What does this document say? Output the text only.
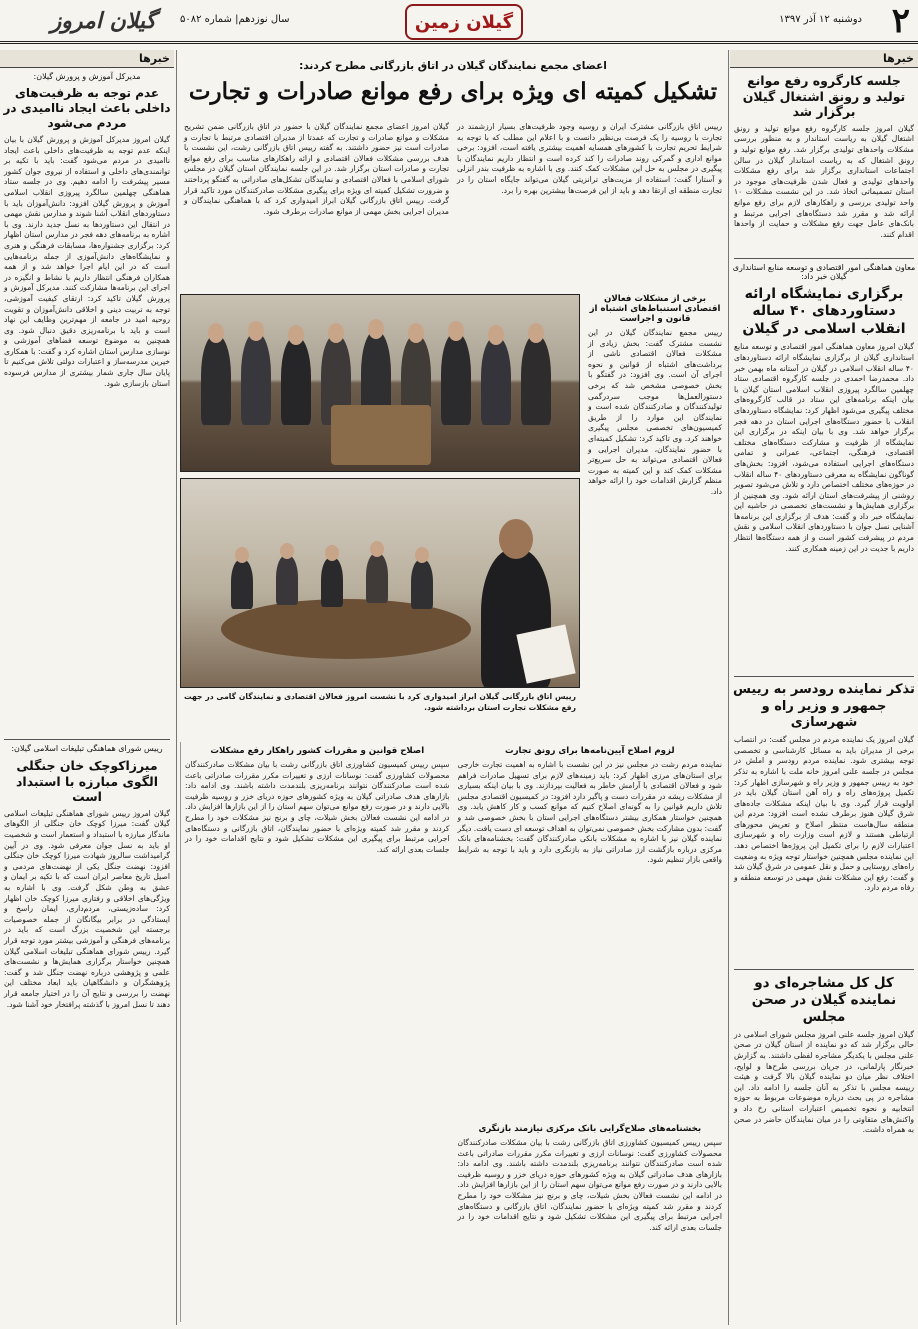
۲
دوشنبه ۱۲ آذر ۱۳۹۷
گیلان زمین
سال نوزدهم| شماره ۵۰۸۲
گیلان امروز
خبرها
جلسه کارگروه رفع موانع تولید و رونق اشتغال گیلان برگزار شد
گیلان امروز جلسه کارگروه رفع موانع تولید و رونق اشتغال گیلان به ریاست استاندار و به منظور بررسی مشکلات واحدهای تولیدی برگزار شد. رفع موانع تولید و رونق اشتغال که به ریاست استاندار گیلان در سالن اجتماعات استانداری برگزار شد برای رفع مشکلات واحدهای تولیدی و فعال شدن ظرفیت‌های موجود در استان تصمیماتی اتخاذ شد. در این نشست مشکلات ۱۰ واحد تولیدی بررسی و راهکارهای لازم برای رفع موانع ارائه شد و مقرر شد دستگاه‌های اجرایی مرتبط و بانک‌های عامل جهت رفع مشکلات و حمایت از واحدها اقدام کنند.
معاون هماهنگی امور اقتصادی و توسعه منابع استانداری گیلان خبر داد:
برگزاری نمایشگاه ارائه دستاوردهای ۴۰ ساله انقلاب اسلامی در گیلان
گیلان امروز معاون هماهنگی امور اقتصادی و توسعه منابع استانداری گیلان از برگزاری نمایشگاه ارائه دستاوردهای ۴۰ ساله انقلاب اسلامی در گیلان در آستانه ماه بهمن خبر داد. محمدرضا احمدی در جلسه کارگروه اقتصادی ستاد چهلمین سالگرد پیروزی انقلاب اسلامی استان گیلان با بیان اینکه برنامه‌های این ستاد در قالب کارگروه‌های مختلف پیگیری می‌شود اظهار کرد: نمایشگاه دستاوردهای انقلاب با حضور دستگاه‌های اجرایی استان در دهه فجر برگزار خواهد شد. وی با بیان اینکه در برگزاری این نمایشگاه از ظرفیت و مشارکت دستگاه‌های مختلف اقتصادی، فرهنگی، اجتماعی، عمرانی و تمامی دستگاه‌های اجرایی استفاده می‌شود، افزود: بخش‌های گوناگون نمایشگاه به معرفی دستاوردهای ۴۰ ساله انقلاب در حوزه‌های مختلف اختصاص دارد و تلاش می‌شود تصویر روشنی از پیشرفت‌های استان ارائه شود. وی همچنین از برگزاری همایش‌ها و نشست‌های تخصصی در حاشیه این نمایشگاه خبر داد و گفت: هدف از برگزاری این برنامه‌ها آشنایی نسل جوان با دستاوردهای انقلاب اسلامی و نقش مردم در پیشرفت کشور است و از همه دستگاه‌ها انتظار داریم با جدیت در این زمینه همکاری کنند.
تذکر نماینده رودسر به رییس جمهور و وزیر راه و شهرسازی
گیلان امروز یک نماینده مردم در مجلس گفت: در انتصاب برخی از مدیران باید به مسائل کارشناسی و تخصصی توجه بیشتری شود. نماینده مردم رودسر و املش در مجلس در جلسه علنی امروز خانه ملت با اشاره به تذکر خود به رییس جمهور و وزیر راه و شهرسازی اظهار کرد: تکمیل پروژه‌های راه و راه آهن استان گیلان باید در اولویت قرار گیرد. وی با بیان اینکه مشکلات جاده‌های شرق گیلان هنوز برطرف نشده است افزود: مردم این منطقه سال‌هاست منتظر اصلاح و تعریض محورهای ارتباطی هستند و لازم است وزارت راه و شهرسازی اعتبارات لازم را برای تکمیل این پروژه‌ها اختصاص دهد. این نماینده مجلس همچنین خواستار توجه ویژه به وضعیت راه‌های روستایی و حمل و نقل عمومی در شرق گیلان شد و گفت: رفع این مشکلات نقش مهمی در توسعه منطقه و رفاه مردم دارد.
کل کل مشاجره‌ای دو نماینده گیلان در صحن مجلس
گیلان امروز جلسه علنی امروز مجلس شورای اسلامی در حالی برگزار شد که دو نماینده از استان گیلان در صحن علنی مجلس با یکدیگر مشاجره لفظی داشتند. به گزارش خبرنگار پارلمانی، در جریان بررسی طرح‌ها و لوایح، اختلاف نظر میان دو نماینده گیلان بالا گرفت و هیئت رییسه مجلس با تذکر به آنان جلسه را ادامه داد. این مشاجره در پی بحث درباره موضوعات مربوط به حوزه انتخابیه و نحوه تخصیص اعتبارات استانی رخ داد و واکنش‌های متفاوتی را در میان نمایندگان حاضر در صحن به همراه داشت.
اعضای مجمع نمایندگان گیلان در اتاق بازرگانی مطرح کردند:
تشکیل کمیته ای ویژه برای رفع موانع صادرات و تجارت
گیلان امروز اعضای مجمع نمایندگان گیلان با حضور در اتاق بازرگانی ضمن تشریح مشکلات و موانع صادرات و تجارت که عمدتا از مدیران اقتصادی مرتبط با تجارت و صادرات است نیز حضور داشتند. به گفته رییس اتاق بازرگانی رشت، این نشست با هدف بررسی مشکلات فعالان اقتصادی و ارائه راهکارهای مناسب برای رفع موانع تجارت و صادرات استان برگزار شد. در این جلسه نمایندگان استان گیلان در مجلس شورای اسلامی با فعالان اقتصادی و نمایندگان تشکل‌های صادراتی به گفتگو پرداختند و ضرورت تشکیل کمیته ای ویژه برای پیگیری مشکلات صادرکنندگان مورد تاکید قرار گرفت. رییس اتاق بازرگانی گیلان ابراز امیدواری کرد که با هماهنگی نمایندگان و مدیران اجرایی بخش مهمی از موانع صادرات برطرف شود.
رییس اتاق بازرگانی مشترک ایران و روسیه وجود ظرفیت‌های بسیار ارزشمند در تجارت با روسیه را یک فرصت بی‌نظیر دانست و با اعلام این مطلب که با توجه به شرایط تحریم تجارت با کشورهای همسایه اهمیت بیشتری یافته است، افزود: برخی موانع اداری و گمرکی روند صادرات را کند کرده است و انتظار داریم نمایندگان با پیگیری در مجلس به حل این مشکلات کمک کنند. وی با اشاره به ظرفیت بندر انزلی و آستارا گفت: استفاده از مزیت‌های ترانزیتی گیلان می‌تواند جایگاه استان را در تجارت منطقه ای ارتقا دهد و باید از این فرصت‌ها بیشترین بهره را برد.
برخی از مشکلات فعالان اقتصادی استنباط‌های اشتباه از قانون و اجراست
رییس مجمع نمایندگان گیلان در این نشست مشترک گفت: بخش زیادی از مشکلات فعالان اقتصادی ناشی از برداشت‌های اشتباه از قوانین و نحوه اجرای آن است. وی افزود: در گفتگو با بخش خصوصی مشخص شد که برخی دستورالعمل‌ها موجب سردرگمی تولیدکنندگان و صادرکنندگان شده است و نمایندگان این موارد را از طریق کمیسیون‌های تخصصی مجلس پیگیری خواهند کرد. وی تاکید کرد: تشکیل کمیته‌ای با حضور نمایندگان، مدیران اجرایی و فعالان اقتصادی می‌تواند به حل سریع‌تر مشکلات کمک کند و این کمیته به صورت منظم گزارش اقدامات خود را ارائه خواهد داد.
رییس اتاق بازرگانی گیلان ابراز امیدواری کرد با نشست امروز فعالان اقتصادی و نمایندگان گامی در جهت رفع مشکلات تجارت استان برداشته شود.
اصلاح قوانین و مقررات کشور راهکار رفع مشکلات
سپس رییس کمیسیون کشاورزی اتاق بازرگانی رشت با بیان مشکلات صادرکنندگان محصولات کشاورزی گفت: نوسانات ارزی و تغییرات مکرر مقررات صادراتی باعث شده است صادرکنندگان نتوانند برنامه‌ریزی بلندمدت داشته باشند. وی ادامه داد: بازارهای هدف صادراتی گیلان به ویژه کشورهای حوزه دریای خزر و روسیه ظرفیت بالایی دارند و در صورت رفع موانع می‌توان سهم استان را از این بازارها افزایش داد. در ادامه این نشست فعالان بخش شیلات، چای و برنج نیز مشکلات خود را مطرح کردند و مقرر شد کمیته ویژه‌ای با حضور نمایندگان، اتاق بازرگانی و دستگاه‌های اجرایی مرتبط برای پیگیری این مشکلات تشکیل شود و نتایج اقدامات خود را در جلسات بعدی ارائه کند.
لزوم اصلاح آیین‌نامه‌ها برای رونق تجارت
نماینده مردم رشت در مجلس نیز در این نشست با اشاره به اهمیت تجارت خارجی برای استان‌های مرزی اظهار کرد: باید زمینه‌های لازم برای تسهیل صادرات فراهم شود و فعالان اقتصادی با آرامش خاطر به فعالیت بپردازند. وی با بیان اینکه بسیاری از مشکلات ریشه در مقررات دست و پاگیر دارد افزود: در کمیسیون اقتصادی مجلس تلاش داریم قوانین را به گونه‌ای اصلاح کنیم که موانع کسب و کار کاهش یابد. وی همچنین خواستار همکاری بیشتر دستگاه‌های اجرایی استان با بخش خصوصی شد و گفت: بدون مشارکت بخش خصوصی نمی‌توان به اهداف توسعه ای دست یافت. دیگر نماینده گیلان نیز با اشاره به مشکلات بانکی صادرکنندگان گفت: بخشنامه‌های بانک مرکزی درباره بازگشت ارز صادراتی نیاز به بازنگری دارد و باید با توجه به شرایط واقعی بازار تنظیم شود.
بخشنامه‌های صلاح‌گرایی بانک مرکزی نیازمند بازنگری
سپس رییس کمیسیون کشاورزی اتاق بازرگانی رشت با بیان مشکلات صادرکنندگان محصولات کشاورزی گفت: نوسانات ارزی و تغییرات مکرر مقررات صادراتی باعث شده است صادرکنندگان نتوانند برنامه‌ریزی بلندمدت داشته باشند. وی ادامه داد: بازارهای هدف صادراتی گیلان به ویژه کشورهای حوزه دریای خزر و روسیه ظرفیت بالایی دارند و در صورت رفع موانع می‌توان سهم استان را از این بازارها افزایش داد. در ادامه این نشست فعالان بخش شیلات، چای و برنج نیز مشکلات خود را مطرح کردند و مقرر شد کمیته ویژه‌ای با حضور نمایندگان، اتاق بازرگانی و دستگاه‌های اجرایی مرتبط برای پیگیری این مشکلات تشکیل شود و نتایج اقدامات خود را در جلسات بعدی ارائه کند.
خبرها
مدیرکل آموزش و پرورش گیلان:
عدم توجه به ظرفیت‌های داخلی باعث ایجاد ناامیدی در مردم می‌شود
گیلان امروز مدیرکل آموزش و پرورش گیلان با بیان اینکه عدم توجه به ظرفیت‌های داخلی باعث ایجاد ناامیدی در مردم می‌شود گفت: باید با تکیه بر توانمندی‌های داخلی و استفاده از نیروی جوان کشور مسیر پیشرفت را ادامه دهیم. وی در جلسه ستاد هماهنگی چهلمین سالگرد پیروزی انقلاب اسلامی آموزش و پرورش گیلان افزود: دانش‌آموزان باید با دستاوردهای انقلاب آشنا شوند و مدارس نقش مهمی در انتقال این دستاوردها به نسل جدید دارند. وی با اشاره به برنامه‌های دهه فجر در مدارس استان اظهار کرد: برگزاری جشنواره‌ها، مسابقات فرهنگی و هنری و نمایشگاه‌های دانش‌آموزی از جمله برنامه‌هایی است که در این ایام اجرا خواهد شد و از همه همکاران فرهنگی انتظار داریم با نشاط و انگیزه در اجرای این برنامه‌ها مشارکت کنند. مدیرکل آموزش و پرورش گیلان تاکید کرد: ارتقای کیفیت آموزشی، توجه به تربیت دینی و اخلاقی دانش‌آموزان و تقویت روحیه امید در جامعه از مهم‌ترین وظایف این نهاد است و باید با برنامه‌ریزی دقیق دنبال شود. وی همچنین به موضوع توسعه فضاهای آموزشی و نوسازی مدارس استان اشاره کرد و گفت: با همکاری خیرین مدرسه‌ساز و اعتبارات دولتی تلاش می‌کنیم تا پایان سال جاری شمار بیشتری از مدارس فرسوده استان بازسازی شود.
رییس شورای هماهنگی تبلیغات اسلامی گیلان:
میرزاکوچک خان جنگلی الگوی مبارزه با استبداد است
گیلان امروز رییس شورای هماهنگی تبلیغات اسلامی گیلان گفت: میرزا کوچک خان جنگلی از الگوهای ماندگار مبارزه با استبداد و استعمار است و شخصیت او باید به نسل جوان معرفی شود. وی در آیین گرامیداشت سالروز شهادت میرزا کوچک خان جنگلی افزود: نهضت جنگل یکی از نهضت‌های مردمی و اصیل تاریخ معاصر ایران است که با تکیه بر ایمان و عشق به وطن شکل گرفت. وی با اشاره به ویژگی‌های اخلاقی و رفتاری میرزا کوچک خان اظهار کرد: ساده‌زیستی، مردم‌داری، ایمان راسخ و ایستادگی در برابر بیگانگان از جمله خصوصیات برجسته این شخصیت بزرگ است که باید در برنامه‌های فرهنگی و آموزشی بیشتر مورد توجه قرار گیرد. رییس شورای هماهنگی تبلیغات اسلامی گیلان همچنین خواستار برگزاری همایش‌ها و نشست‌های علمی و پژوهشی درباره نهضت جنگل شد و گفت: پژوهشگران و دانشگاهیان باید ابعاد مختلف این نهضت را بررسی و نتایج آن را در اختیار جامعه قرار دهند تا نسل امروز با گذشته پرافتخار خود آشنا شود.
